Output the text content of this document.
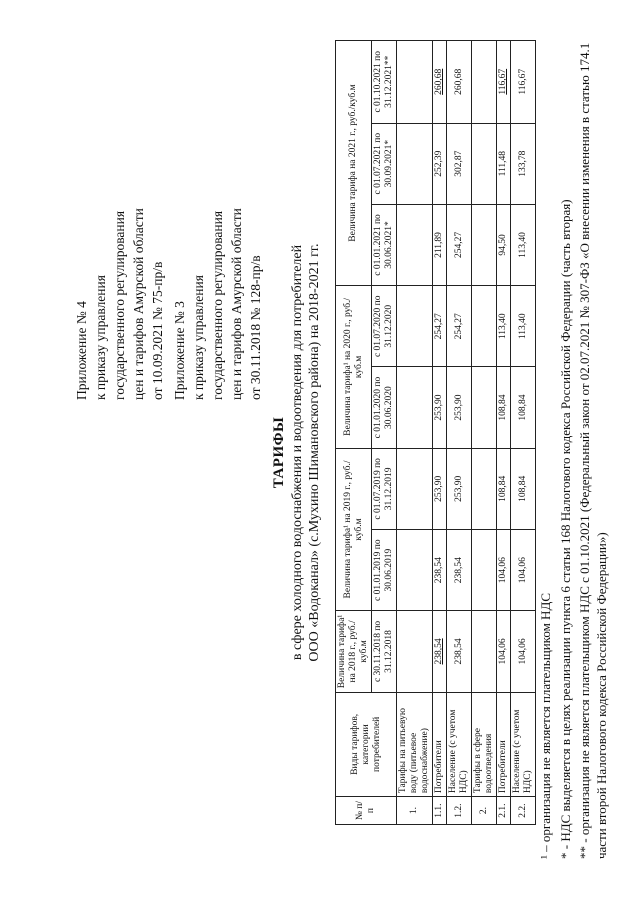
Приложение № 4 к приказу управления государственного регулирования цен и тарифов Амурской области от 10.09.2021 № 75-пр/в Приложение № 3 к приказу управления государственного регулирования цен и тарифов Амурской области от 30.11.2018 № 128-пр/в
ТАРИФЫ в сфере холодного водоснабжения и водоотведения для потребителей ООО «Водоканал» (с.Мухино Шимановского района) на 2018-2021 гг.
№ п/п	Виды тарифов, категории потребителей	Величина тарифа¹ на 2018 г., руб./куб.м	Величина тарифа¹ на 2019 г., руб./куб.м		Величина тарифа¹ на 2020 г., руб./куб.м		Величина тарифа на 2021 г., руб./куб.м		
		с 30.11.2018 по 31.12.2018	с 01.01.2019 по 30.06.2019	с 01.07.2019 по 31.12.2019	с 01.01.2020 по 30.06.2020	с 01.07.2020 по 31.12.2020	с 01.01.2021 по 30.06.2021*	с 01.07.2021 по 30.09.2021*	с 01.10.2021 по 31.12.2021**
1.	Тарифы на питьевую воду (питьевое водоснабжение)								
1.1.	Потребители	238,54	238,54	253,90	253,90	254,27	211,89	252,39	260,68
1.2.	Население (с учетом НДС)	238,54	238,54	253,90	253,90	254,27	254,27	302,87	260,68
2.	Тарифы в сфере водоотведения								
2.1.	Потребители	104,06	104,06	108,84	108,84	113,40	94,50	111,48	116,67
2.2.	Население (с учетом НДС)	104,06	104,06	108,84	108,84	113,40	113,40	133,78	116,67
¹ – организация не является плательщиком НДС * - НДС выделяется в целях реализации пункта 6 статьи 168 Налогового кодекса Российской Федерации (часть вторая) ** - организация не является плательщиком НДС с 01.10.2021 (Федеральный закон от 02.07.2021 № 307-ФЗ «О внесении изменения в статью 174.1 части второй Налогового кодекса Российской Федерации»)
